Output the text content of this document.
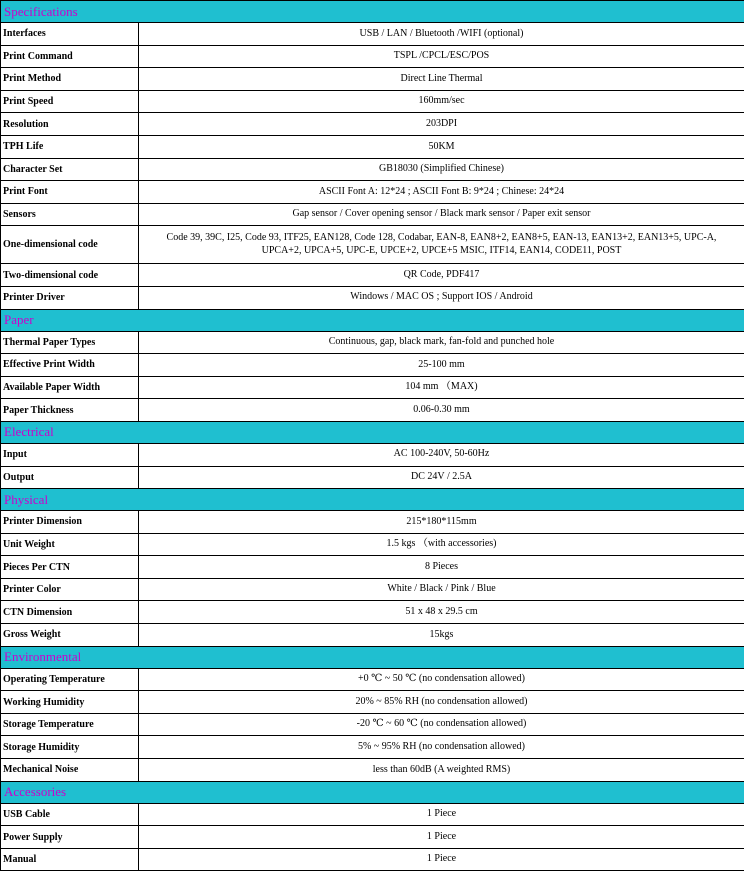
Specifications	
Interfaces	USB / LAN / Bluetooth /WIFI (optional)
Print Command	TSPL /CPCL/ESC/POS
Print Method	Direct Line Thermal
Print Speed	160mm/sec
Resolution	203DPI
TPH Life	50KM
Character Set	GB18030 (Simplified Chinese)
Print Font	ASCII Font A: 12*24 ; ASCII Font B: 9*24 ; Chinese: 24*24
Sensors	Gap sensor / Cover opening sensor / Black mark sensor / Paper exit sensor
One-dimensional code	Code 39, 39C, I25, Code 93, ITF25, EAN128, Code 128, Codabar, EAN-8, EAN8+2, EAN8+5, EAN-13, EAN13+2, EAN13+5, UPC-A, UPCA+2, UPCA+5, UPC-E, UPCE+2, UPCE+5 MSIC, ITF14, EAN14, CODE11, POST
Two-dimensional code	QR Code, PDF417
Printer Driver	Windows / MAC OS ; Support IOS / Android
Paper	
Thermal Paper Types	Continuous, gap, black mark, fan-fold and punched hole
Effective Print Width	25-100 mm
Available Paper Width	104 mm （MAX)
Paper Thickness	0.06-0.30 mm
Electrical	
Input	AC 100-240V, 50-60Hz
Output	DC 24V / 2.5A
Physical	
Printer Dimension	215*180*115mm
Unit Weight	1.5 kgs （with accessories)
Pieces Per CTN	8 Pieces
Printer Color	White / Black / Pink / Blue
CTN Dimension	51 x 48 x 29.5 cm
Gross Weight	15kgs
Environmental	
Operating Temperature	+0 ℃ ~ 50 ℃ (no condensation allowed)
Working Humidity	20% ~ 85% RH (no condensation allowed)
Storage Temperature	-20 ℃ ~ 60 ℃ (no condensation allowed)
Storage Humidity	5% ~ 95% RH (no condensation allowed)
Mechanical Noise	less than 60dB (A weighted RMS)
Accessories	
USB Cable	1 Piece
Power Supply	1 Piece
Manual	1 Piece
